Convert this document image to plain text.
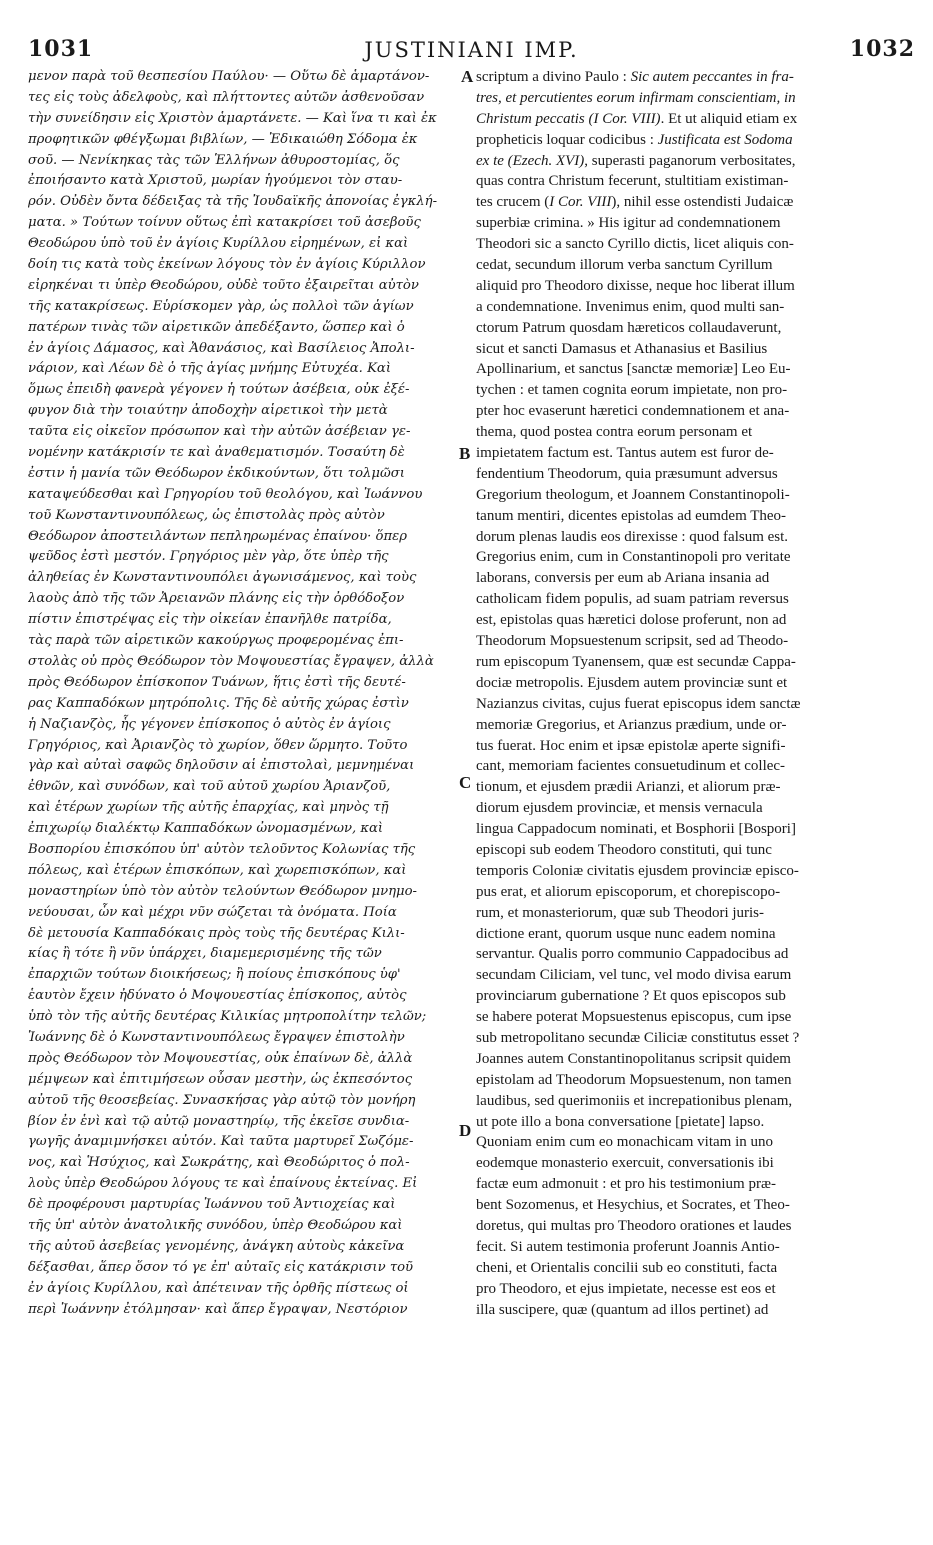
1031	JUSTINIANI IMP.	1032
μενον παρὰ τοῦ θεσπεσίου Παύλου· — Οὕτω δὲ ἁμαρτάνον-
τες εἰς τοὺς ἀδελφοὺς, καὶ πλήττοντες αὐτῶν ἀσθενοῦσαν
τὴν συνείδησιν εἰς Χριστὸν ἁμαρτάνετε. — Καὶ ἵνα τι καὶ ἐκ
προφητικῶν φθέγξωμαι βιβλίων, — Ἐδικαιώθη Σόδομα ἐκ
σοῦ. — Νενίκηκας τὰς τῶν Ἑλλήνων ἀθυροστομίας, ὅς
ἐποιήσαντο κατὰ Χριστοῦ, μωρίαν ἡγούμενοι τὸν σταυ-
ρόν. Οὐδὲν ὄντα δέδειξας τὰ τῆς Ἰουδαϊκῆς ἀπονοίας ἐγκλή-
ματα. » Τούτων τοίνυν οὕτως ἐπὶ κατακρίσει τοῦ ἀσεβοῦς
Θεοδώρου ὑπὸ τοῦ ἐν ἁγίοις Κυρίλλου εἰρημένων, εἰ καὶ
δοίη τις κατὰ τοὺς ἐκείνων λόγους τὸν ἐν ἁγίοις Κύριλλον
εἰρηκέναι τι ὑπὲρ Θεοδώρου, οὐδὲ τοῦτο ἐξαιρεῖται αὐτὸν
τῆς κατακρίσεως. Εὑρίσκομεν γὰρ, ὡς πολλοὶ τῶν ἁγίων
πατέρων τινὰς τῶν αἱρετικῶν ἀπεδέξαντο, ὥσπερ καὶ ὁ
ἐν ἁγίοις Δάμασος, καὶ Ἀθανάσιος, καὶ Βασίλειος Ἀπολι-
νάριον, καὶ Λέων δὲ ὁ τῆς ἁγίας μνήμης Εὐτυχέα. Καὶ
ὅμως ἐπειδὴ φανερὰ γέγονεν ἡ τούτων ἀσέβεια, οὐκ ἐξέ-
φυγον διὰ τὴν τοιαύτην ἀποδοχὴν αἱρετικοὶ τὴν μετὰ
ταῦτα εἰς οἰκεῖον πρόσωπον καὶ τὴν αὐτῶν ἀσέβειαν γε-
νομένην κατάκρισίν τε καὶ ἀναθεματισμόν. Τοσαύτη δὲ
ἐστιν ἡ μανία τῶν Θεόδωρον ἐκδικούντων, ὅτι τολμῶσι
καταψεύδεσθαι καὶ Γρηγορίου τοῦ θεολόγου, καὶ Ἰωάννου
τοῦ Κωνσταντινουπόλεως, ὡς ἐπιστολὰς πρὸς αὐτὸν
Θεόδωρον ἀποστειλάντων πεπληρωμένας ἐπαίνου· ὅπερ
ψεῦδος ἐστὶ μεστόν. Γρηγόριος μὲν γὰρ, ὅτε ὑπὲρ τῆς
ἀληθείας ἐν Κωνσταντινουπόλει ἀγωνισάμενος, καὶ τοὺς
λαοὺς ἀπὸ τῆς τῶν Ἀρειανῶν πλάνης εἰς τὴν ὀρθόδοξον
πίστιν ἐπιστρέψας εἰς τὴν οἰκείαν ἐπανῆλθε πατρίδα,
τὰς παρὰ τῶν αἱρετικῶν κακούργως προφερομένας ἐπι-
στολὰς οὐ πρὸς Θεόδωρον τὸν Μοψουεστίας ἔγραψεν, ἀλλὰ
πρὸς Θεόδωρον ἐπίσκοπον Τυάνων, ἥτις ἐστὶ τῆς δευτέ-
ρας Καππαδόκων μητρόπολις. Τῆς δὲ αὐτῆς χώρας ἐστὶν
ἡ Ναζιανζὸς, ἧς γέγονεν ἐπίσκοπος ὁ αὐτὸς ἐν ἁγίοις
Γρηγόριος, καὶ Ἀριανζὸς τὸ χωρίον, ὅθεν ὥρμητο. Τοῦτο
γὰρ καὶ αὐταὶ σαφῶς δηλοῦσιν αἱ ἐπιστολαὶ, μεμνημέναι
ἐθνῶν, καὶ συνόδων, καὶ τοῦ αὐτοῦ χωρίου Ἀριανζοῦ,
καὶ ἑτέρων χωρίων τῆς αὐτῆς ἐπαρχίας, καὶ μηνὸς τῇ
ἐπιχωρίῳ διαλέκτῳ Καππαδόκων ὠνομασμένων, καὶ
Βοσπορίου ἐπισκόπου ὑπ' αὐτὸν τελοῦντος Κολωνίας τῆς
πόλεως, καὶ ἑτέρων ἐπισκόπων, καὶ χωρεπισκόπων, καὶ
μοναστηρίων ὑπὸ τὸν αὐτὸν τελούντων Θεόδωρον μνημο-
νεύουσαι, ὧν καὶ μέχρι νῦν σώζεται τὰ ὀνόματα. Ποία
δὲ μετουσία Καππαδόκαις πρὸς τοὺς τῆς δευτέρας Κιλι-
κίας ἢ τότε ἢ νῦν ὑπάρχει, διαμεμερισμένης τῆς τῶν
ἐπαρχιῶν τούτων διοικήσεως; ἢ ποίους ἐπισκόπους ὑφ'
ἑαυτὸν ἔχειν ἠδύνατο ὁ Μοψουεστίας ἐπίσκοπος, αὐτὸς
ὑπὸ τὸν τῆς αὐτῆς δευτέρας Κιλικίας μητροπολίτην τελῶν;
Ἰωάννης δὲ ὁ Κωνσταντινουπόλεως ἔγραψεν ἐπιστολὴν
πρὸς Θεόδωρον τὸν Μοψουεστίας, οὐκ ἐπαίνων δὲ, ἀλλὰ
μέμψεων καὶ ἐπιτιμήσεων οὖσαν μεστὴν, ὡς ἐκπεσόντος
αὐτοῦ τῆς θεοσεβείας. Συνασκήσας γὰρ αὐτῷ τὸν μονήρη
βίον ἐν ἑνὶ καὶ τῷ αὐτῷ μοναστηρίῳ, τῆς ἐκεῖσε συνδια-
γωγῆς ἀναμιμνήσκει αὐτόν. Καὶ ταῦτα μαρτυρεῖ Σωζόμε-
νος, καὶ Ἡσύχιος, καὶ Σωκράτης, καὶ Θεοδώριτος ὁ πολ-
λοὺς ὑπὲρ Θεοδώρου λόγους τε καὶ ἐπαίνους ἐκτείνας. Εἰ
δὲ προφέρουσι μαρτυρίας Ἰωάννου τοῦ Ἀντιοχείας καὶ
τῆς ὑπ' αὐτὸν ἀνατολικῆς συνόδου, ὑπὲρ Θεοδώρου καὶ
τῆς αὐτοῦ ἀσεβείας γενομένης, ἀνάγκη αὐτοὺς κἀκεῖνα
δέξασθαι, ἅπερ ὅσον τό γε ἐπ' αὐταῖς εἰς κατάκρισιν τοῦ
ἐν ἁγίοις Κυρίλλου, καὶ ἀπέτειναν τῆς ὀρθῆς πίστεως οἱ
περὶ Ἰωάννην ἐτόλμησαν· καὶ ἅπερ ἔγραψαν, Νεστόριον
scriptum a divino Paulo : Sic autem peccantes in fra-
tres, et percutientes eorum infirmam conscientiam, in
Christum peccatis (I Cor. VIII). Et ut aliquid etiam ex
propheticis loquar codicibus : Justificata est Sodoma
ex te (Ezech. XVI), superasti paganorum verbositates,
quas contra Christum fecerunt, stultitiam existiman-
tes crucem (I Cor. VIII), nihil esse ostendisti Judaicæ
superbiæ crimina. » His igitur ad condemnationem
Theodori sic a sancto Cyrillo dictis, licet aliquis con-
cedat, secundum illorum verba sanctum Cyrillum
aliquid pro Theodoro dixisse, neque hoc liberat illum
a condemnatione. Invenimus enim, quod multi san-
ctorum Patrum quosdam hæreticos collaudaverunt,
sicut et sancti Damasus et Athanasius et Basilius
Apollinarium, et sanctus [sanctæ memoriæ] Leo Eu-
tychen : et tamen cognita eorum impietate, non pro-
pter hoc evaserunt hæretici condemnationem et ana-
thema, quod postea contra eorum personam et
impietatem factum est. Tantus autem est furor de-
fendentium Theodorum, quia præsumunt adversus
Gregorium theologum, et Joannem Constantinopoli-
tanum mentiri, dicentes epistolas ad eumdem Theo-
dorum plenas laudis eos direxisse : quod falsum est.
Gregorius enim, cum in Constantinopoli pro veritate
laborans, conversis per eum ab Ariana insania ad
catholicam fidem populis, ad suam patriam reversus
est, epistolas quas hæretici dolose proferunt, non ad
Theodorum Mopsuestenum scripsit, sed ad Theodo-
rum episcopum Tyanensem, quæ est secundæ Cappa-
dociæ metropolis. Ejusdem autem provinciæ sunt et
Nazianzus civitas, cujus fuerat episcopus idem sanctæ
memoriæ Gregorius, et Arianzus prædium, unde or-
tus fuerat. Hoc enim et ipsæ epistolæ aperte signifi-
cant, memoriam facientes consuetudinum et collec-
tionum, et ejusdem prædii Arianzi, et aliorum præ-
diorum ejusdem provinciæ, et mensis vernacula
lingua Cappadocum nominati, et Bosphorii [Bospori]
episcopi sub eodem Theodoro constituti, qui tunc
temporis Coloniæ civitatis ejusdem provinciæ episco-
pus erat, et aliorum episcoporum, et chorepiscopo-
rum, et monasteriorum, quæ sub Theodori juris-
dictione erant, quorum usque nunc eadem nomina
servantur. Qualis porro communio Cappadocibus ad
secundam Ciliciam, vel tunc, vel modo divisa earum
provinciarum gubernatione ? Et quos episcopos sub
se habere poterat Mopsuestenus episcopus, cum ipse
sub metropolitano secundæ Ciliciæ constitutus esset ?
Joannes autem Constantinopolitanus scripsit quidem
epistolam ad Theodorum Mopsuestenum, non tamen
laudibus, sed querimoniis et increpationibus plenam,
ut pote illo a bona conversatione [pietate] lapso.
Quoniam enim cum eo monachicam vitam in uno
eodemque monasterio exercuit, conversationis ibi
factæ eum admonuit : et pro his testimonium præ-
bent Sozomenus, et Hesychius, et Socrates, et Theo-
doretus, qui multas pro Theodoro orationes et laudes
fecit. Si autem testimonia proferunt Joannis Antio-
cheni, et Orientalis concilii sub eo constituti, facta
pro Theodoro, et ejus impietate, necesse est eos et
illa suscipere, quæ (quantum ad illos pertinet) ad
A
B
C
D
